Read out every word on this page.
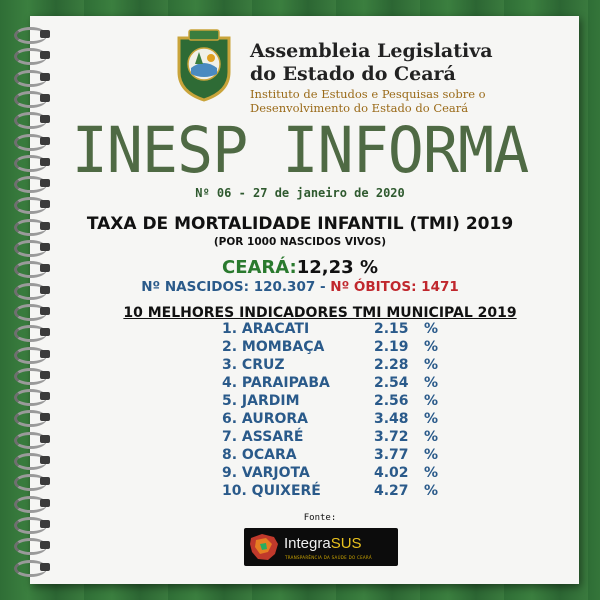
Assembleia Legislativa
do Estado do Ceará
Instituto de Estudos e Pesquisas sobre o
Desenvolvimento do Estado do Ceará
INESP INFORMA
Nº 06 - 27 de janeiro de 2020
TAXA DE MORTALIDADE INFANTIL (TMI) 2019
(POR 1000 NASCIDOS VIVOS)
CEARÁ:12,23 %
Nº NASCIDOS: 120.307 - Nº ÓBITOS: 1471
10 MELHORES INDICADORES TMI MUNICIPAL 2019
1. ARACATI	2.15 %
2. MOMBAÇA	2.19 %
3. CRUZ	2.28 %
4. PARAIPABA	2.54 %
5. JARDIM	2.56 %
6. AURORA	3.48 %
7. ASSARÉ	3.72 %
8. OCARA	3.77 %
9. VARJOTA	4.02 %
10. QUIXERÉ	4.27 %
Fonte:
IntegraSUS
TRANSPARÊNCIA DA SAÚDE DO CEARÁ
